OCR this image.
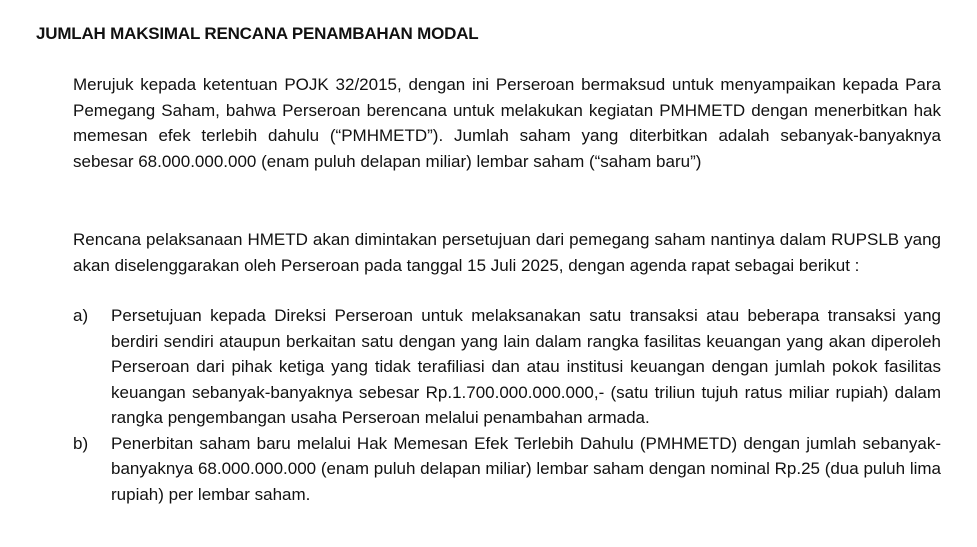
JUMLAH MAKSIMAL RENCANA PENAMBAHAN MODAL

Merujuk kepada ketentuan POJK 32/2015, dengan ini Perseroan bermaksud untuk menyampaikan kepada Para Pemegang Saham, bahwa Perseroan berencana untuk melakukan kegiatan PMHMETD dengan menerbitkan hak memesan efek terlebih dahulu (“PMHMETD”). Jumlah saham yang diterbitkan adalah sebanyak-banyaknya sebesar 68.000.000.000 (enam puluh delapan miliar) lembar saham (“saham baru”)

Rencana pelaksanaan HMETD akan dimintakan persetujuan dari pemegang saham nantinya dalam RUPSLB yang akan diselenggarakan oleh Perseroan pada tanggal 15 Juli 2025, dengan agenda rapat sebagai berikut :

a)	Persetujuan kepada Direksi Perseroan untuk melaksanakan satu transaksi atau beberapa transaksi yang berdiri sendiri ataupun berkaitan satu dengan yang lain dalam rangka fasilitas keuangan yang akan diperoleh Perseroan dari pihak ketiga yang tidak terafiliasi dan atau institusi keuangan dengan jumlah pokok fasilitas keuangan sebanyak-banyaknya sebesar Rp.1.700.000.000.000,- (satu triliun tujuh ratus miliar rupiah) dalam rangka pengembangan usaha Perseroan melalui penambahan armada.
b)	Penerbitan saham baru melalui Hak Memesan Efek Terlebih Dahulu (PMHMETD) dengan jumlah sebanyak-banyaknya 68.000.000.000 (enam puluh delapan miliar) lembar saham dengan nominal Rp.25 (dua puluh lima rupiah) per lembar saham.
